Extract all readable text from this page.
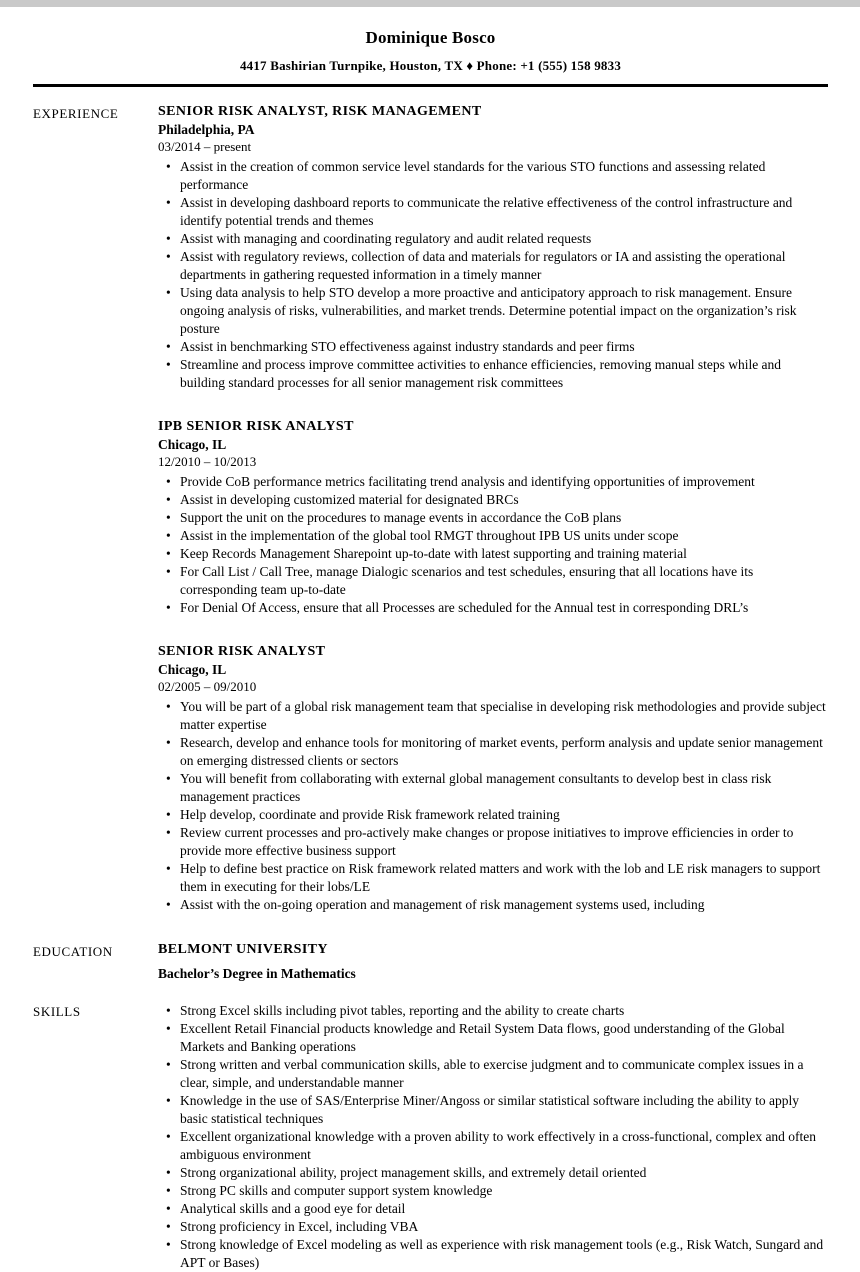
Dominique Bosco
4417 Bashirian Turnpike, Houston, TX ♦ Phone: +1 (555) 158 9833
EXPERIENCE	SENIOR RISK ANALYST, RISK MANAGEMENT
Philadelphia, PA
03/2014 – present
• Assist in the creation of common service level standards for the various STO functions and assessing related performance
• Assist in developing dashboard reports to communicate the relative effectiveness of the control infrastructure and identify potential trends and themes
• Assist with managing and coordinating regulatory and audit related requests
• Assist with regulatory reviews, collection of data and materials for regulators or IA and assisting the operational departments in gathering requested information in a timely manner
• Using data analysis to help STO develop a more proactive and anticipatory approach to risk management. Ensure ongoing analysis of risks, vulnerabilities, and market trends. Determine potential impact on the organization’s risk posture
• Assist in benchmarking STO effectiveness against industry standards and peer firms
• Streamline and process improve committee activities to enhance efficiencies, removing manual steps while and building standard processes for all senior management risk committees
IPB SENIOR RISK ANALYST
Chicago, IL
12/2010 – 10/2013
• Provide CoB performance metrics facilitating trend analysis and identifying opportunities of improvement
• Assist in developing customized material for designated BRCs
• Support the unit on the procedures to manage events in accordance the CoB plans
• Assist in the implementation of the global tool RMGT throughout IPB US units under scope
• Keep Records Management Sharepoint up-to-date with latest supporting and training material
• For Call List / Call Tree, manage Dialogic scenarios and test schedules, ensuring that all locations have its corresponding team up-to-date
• For Denial Of Access, ensure that all Processes are scheduled for the Annual test in corresponding DRL’s
SENIOR RISK ANALYST
Chicago, IL
02/2005 – 09/2010
• You will be part of a global risk management team that specialise in developing risk methodologies and provide subject matter expertise
• Research, develop and enhance tools for monitoring of market events, perform analysis and update senior management on emerging distressed clients or sectors
• You will benefit from collaborating with external global management consultants to develop best in class risk management practices
• Help develop, coordinate and provide Risk framework related training
• Review current processes and pro-actively make changes or propose initiatives to improve efficiencies in order to provide more effective business support
• Help to define best practice on Risk framework related matters and work with the lob and LE risk managers to support them in executing for their lobs/LE
• Assist with the on-going operation and management of risk management systems used, including
EDUCATION	BELMONT UNIVERSITY
Bachelor’s Degree in Mathematics
SKILLS	• Strong Excel skills including pivot tables, reporting and the ability to create charts
• Excellent Retail Financial products knowledge and Retail System Data flows, good understanding of the Global Markets and Banking operations
• Strong written and verbal communication skills, able to exercise judgment and to communicate complex issues in a clear, simple, and understandable manner
• Knowledge in the use of SAS/Enterprise Miner/Angoss or similar statistical software including the ability to apply basic statistical techniques
• Excellent organizational knowledge with a proven ability to work effectively in a cross-functional, complex and often ambiguous environment
• Strong organizational ability, project management skills, and extremely detail oriented
• Strong PC skills and computer support system knowledge
• Analytical skills and a good eye for detail
• Strong proficiency in Excel, including VBA
• Strong knowledge of Excel modeling as well as experience with risk management tools (e.g., Risk Watch, Sungard and APT or Bases)
